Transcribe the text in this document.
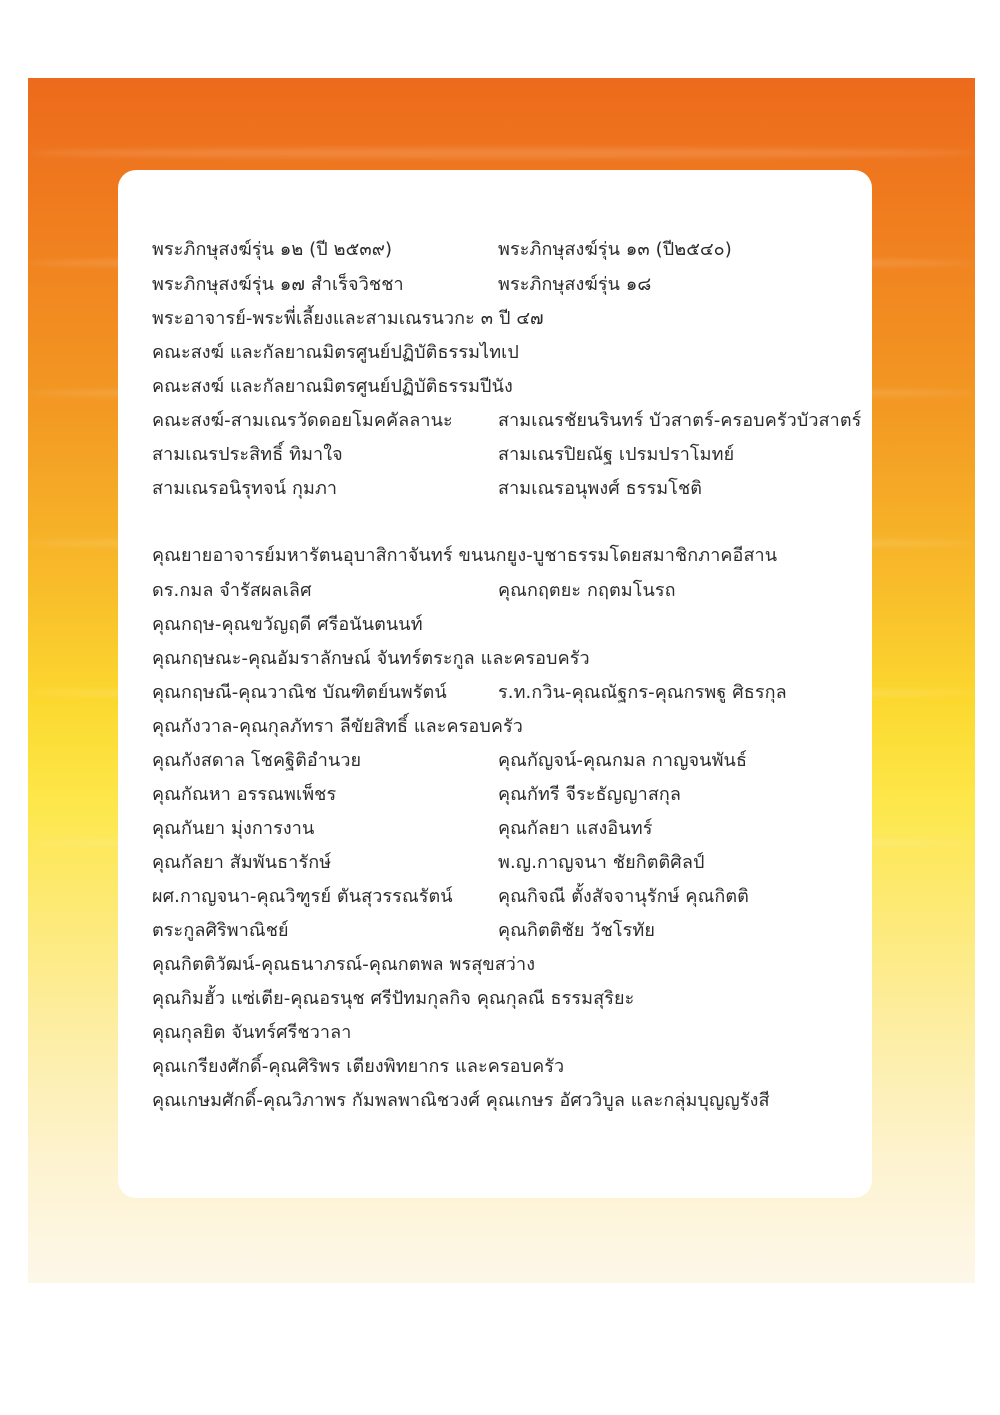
พระภิกษุสงฆ์รุ่น ๑๒ (ปี ๒๕๓๙)	พระภิกษุสงฆ์รุ่น ๑๓ (ปี๒๕๔๐)
พระภิกษุสงฆ์รุ่น ๑๗ สำเร็จวิชชา	พระภิกษุสงฆ์รุ่น ๑๘
พระอาจารย์-พระพี่เลี้ยงและสามเณรนวกะ ๓ ปี ๔๗
คณะสงฆ์ และกัลยาณมิตรศูนย์ปฏิบัติธรรมไทเป
คณะสงฆ์ และกัลยาณมิตรศูนย์ปฏิบัติธรรมปีนัง
คณะสงฆ์-สามเณรวัดดอยโมคคัลลานะ	สามเณรชัยนรินทร์ บัวสาตร์-ครอบครัวบัวสาตร์
สามเณรประสิทธิ์ ทิมาใจ	สามเณรปิยณัฐ เปรมปราโมทย์
สามเณรอนิรุทจน์ กุมภา	สามเณรอนุพงศ์ ธรรมโชติ
คุณยายอาจารย์มหารัตนอุบาสิกาจันทร์ ขนนกยูง-บูชาธรรมโดยสมาชิกภาคอีสาน
ดร.กมล จำรัสผลเลิศ	คุณกฤตยะ กฤตมโนรถ
คุณกฤษ-คุณขวัญฤดี ศรีอนันตนนท์
คุณกฤษณะ-คุณอัมราลักษณ์ จันทร์ตระกูล และครอบครัว
คุณกฤษณี-คุณวาณิช บัณฑิตย์นพรัตน์	ร.ท.กวิน-คุณณัฐกร-คุณกรพฐู ศิธรกุล
คุณกังวาล-คุณกุลภัทรา ลีขัยสิทธิ์ และครอบครัว
คุณกังสดาล โชคฐิติอำนวย	คุณกัญจน์-คุณกมล กาญจนพันธ์
คุณกัณหา อรรณพเพ็ชร	คุณกัทรี จีระธัญญาสกุล
คุณกันยา มุ่งการงาน	คุณกัลยา แสงอินทร์
คุณกัลยา สัมพันธารักษ์	พ.ญ.กาญจนา ชัยกิตติศิลป์
ผศ.กาญจนา-คุณวิฑูรย์ ตันสุวรรณรัตน์	คุณกิจณี ตั้งสัจจานุรักษ์ คุณกิตติ
ตระกูลศิริพาณิชย์	คุณกิตติชัย วัชโรทัย
คุณกิตติวัฒน์-คุณธนาภรณ์-คุณกตพล พรสุขสว่าง
คุณกิมฮั้ว แซ่เตีย-คุณอรนุช ศรีปัทมกุลกิจ คุณกุลณี ธรรมสุริยะ
คุณกุลยิต จันทร์ศรีชวาลา
คุณเกรียงศักดิ์-คุณศิริพร เตียงพิทยากร และครอบครัว
คุณเกษมศักดิ์-คุณวิภาพร กัมพลพาณิชวงศ์ คุณเกษร อัศววิบูล และกลุ่มบุญญรังสี
